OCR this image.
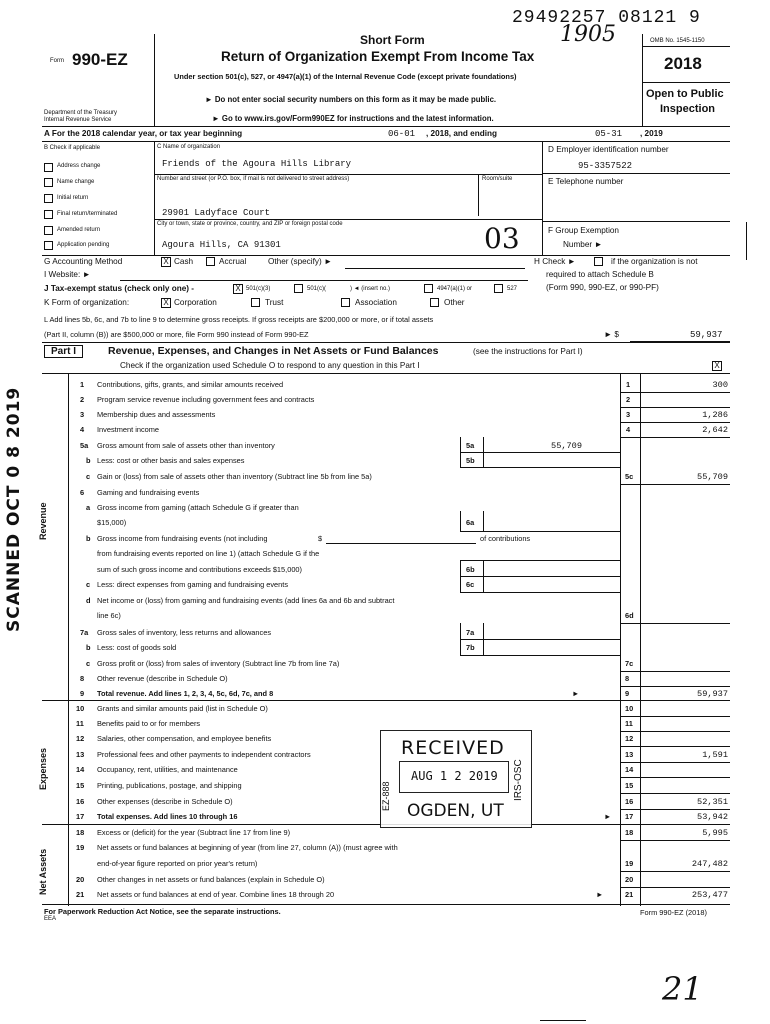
29492257 08121 9
1905
Form 990-EZ
Department of the Treasury
Internal Revenue Service
Short Form
Return of Organization Exempt From Income Tax
Under section 501(c), 527, or 4947(a)(1) of the Internal Revenue Code (except private foundations)
► Do not enter social security numbers on this form as it may be made public.
► Go to www.irs.gov/Form990EZ for instructions and the latest information.
OMB No. 1545-1150
2018
Open to Public
Inspection
A For the 2018 calendar year, or tax year beginning	06-01 , 2018, and ending	05-31 , 2019
B Check if applicable
Address change
Name change
Initial return
Final return/terminated
Amended return
Application pending
C Name of organization
Friends of the Agoura Hills Library
Number and street (or P.O. box, if mail is not delivered to street address)	Room/suite
29901 Ladyface Court
City or town, state or province, country, and ZIP or foreign postal code
Agoura Hills, CA 91301	03
D Employer identification number
95-3357522
E Telephone number
F Group Exemption
Number ►
G Accounting Method	X Cash	Accrual	Other (specify) ►	H Check ►	if the organization is not
required to attach Schedule B
(Form 990, 990-EZ, or 990-PF)
I Website: ►
J Tax-exempt status (check only one) -	X 501(c)(3)	501(c)(	) ◄ (insert no.)	4947(a)(1) or	527
K Form of organization:	X Corporation	Trust	Association	Other
L Add lines 5b, 6c, and 7b to line 9 to determine gross receipts. If gross receipts are $200,000 or more, or if total assets
(Part II, column (B)) are $500,000 or more, file Form 990 instead of Form 990-EZ	► $	59,937
Part I	Revenue, Expenses, and Changes in Net Assets or Fund Balances	(see the instructions for Part I)
Check if the organization used Schedule O to respond to any question in this Part I	X
Revenue
Expenses
Net Assets
1	Contributions, gifts, grants, and similar amounts received	1	300
2	Program service revenue including government fees and contracts	2
3	Membership dues and assessments	3	1,286
4	Investment income	4	2,642
5a	Gross amount from sale of assets other than inventory	5a	55,709
b Less: cost or other basis and sales expenses	5b
c Gain or (loss) from sale of assets other than inventory (Subtract line 5b from line 5a)	5c	55,709
6	Gaming and fundraising events
a Gross income from gaming (attach Schedule G if greater than
$15,000)	6a
b Gross income from fundraising events (not including	$	of contributions
from fundraising events reported on line 1) (attach Schedule G if the
sum of such gross income and contributions exceeds $15,000)	6b
c Less: direct expenses from gaming and fundraising events	6c
d Net income or (loss) from gaming and fundraising events (add lines 6a and 6b and subtract
line 6c)	6d
7a	Gross sales of inventory, less returns and allowances	7a
b Less: cost of goods sold	7b
c Gross profit or (loss) from sales of inventory (Subtract line 7b from line 7a)	7c
8	Other revenue (describe in Schedule O)	8
9	Total revenue. Add lines 1, 2, 3, 4, 5c, 6d, 7c, and 8	►	9	59,937
10	Grants and similar amounts paid (list in Schedule O)	10
11	Benefits paid to or for members	11
12	Salaries, other compensation, and employee benefits	12
13	Professional fees and other payments to independent contractors	13	1,591
14	Occupancy, rent, utilities, and maintenance	14
15	Printing, publications, postage, and shipping	15
16	Other expenses (describe in Schedule O)	16	52,351
17	Total expenses. Add lines 10 through 16	► 17	53,942
18	Excess or (deficit) for the year (Subtract line 17 from line 9)	18	5,995
19	Net assets or fund balances at beginning of year (from line 27, column (A)) (must agree with
end-of-year figure reported on prior year's return)	19	247,482
20	Other changes in net assets or fund balances (explain in Schedule O)	20
21	Net assets or fund balances at end of year. Combine lines 18 through 20	►	21	253,477
RECEIVED
AUG 1 2 2019
OGDEN, UT
EZ-888	IRS-OSC
SCANNED OCT 0 8 2019
For Paperwork Reduction Act Notice, see the separate instructions.
EEA
Form 990-EZ (2018)
21
